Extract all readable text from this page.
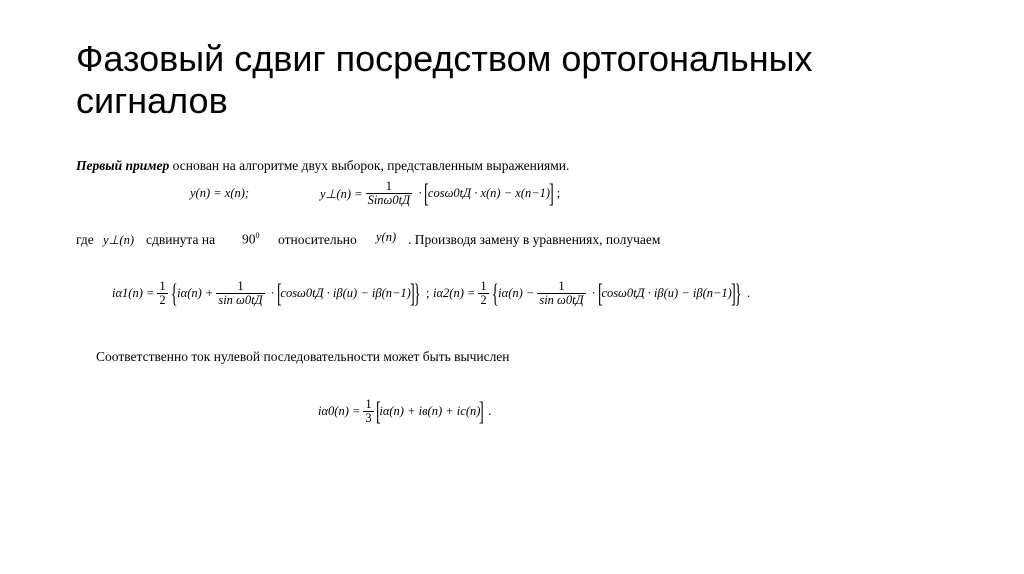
Фазовый сдвиг посредством ортогональных
сигналов
Первый пример основан на алгоритме двух выборок, представленным выражениями.
y(n) = x(n);	y⊥(n) = $\frac{1}{\text{Sinω0tД}}$ · [
cosω0tД · x(n) − x(n−1)
] ;
где y⊥(n) сдвинута на $90^0$ относительно y(n) . Производя замену в уравнениях, получаем
$i\alpha 1(n) = \frac{1}{2}$ { $i\alpha(n) + \frac{1}{\text{sin ω0tД}}$ · [
cosω0tД · iβ(u) − iβ(n−1)
]
} ; $i\alpha 2(n) = \frac{1}{2}$ { $i\alpha(n) - \frac{1}{\text{sin ω0tД}}$ · [
cosω0tД · iβ(u) − iβ(n−1)
]
} .
Соответственно ток нулевой последовательности может быть вычислен
$i\alpha 0(n) = \frac{1}{3}$ [
iα(n) + iв(n) + ic(n)
] .
